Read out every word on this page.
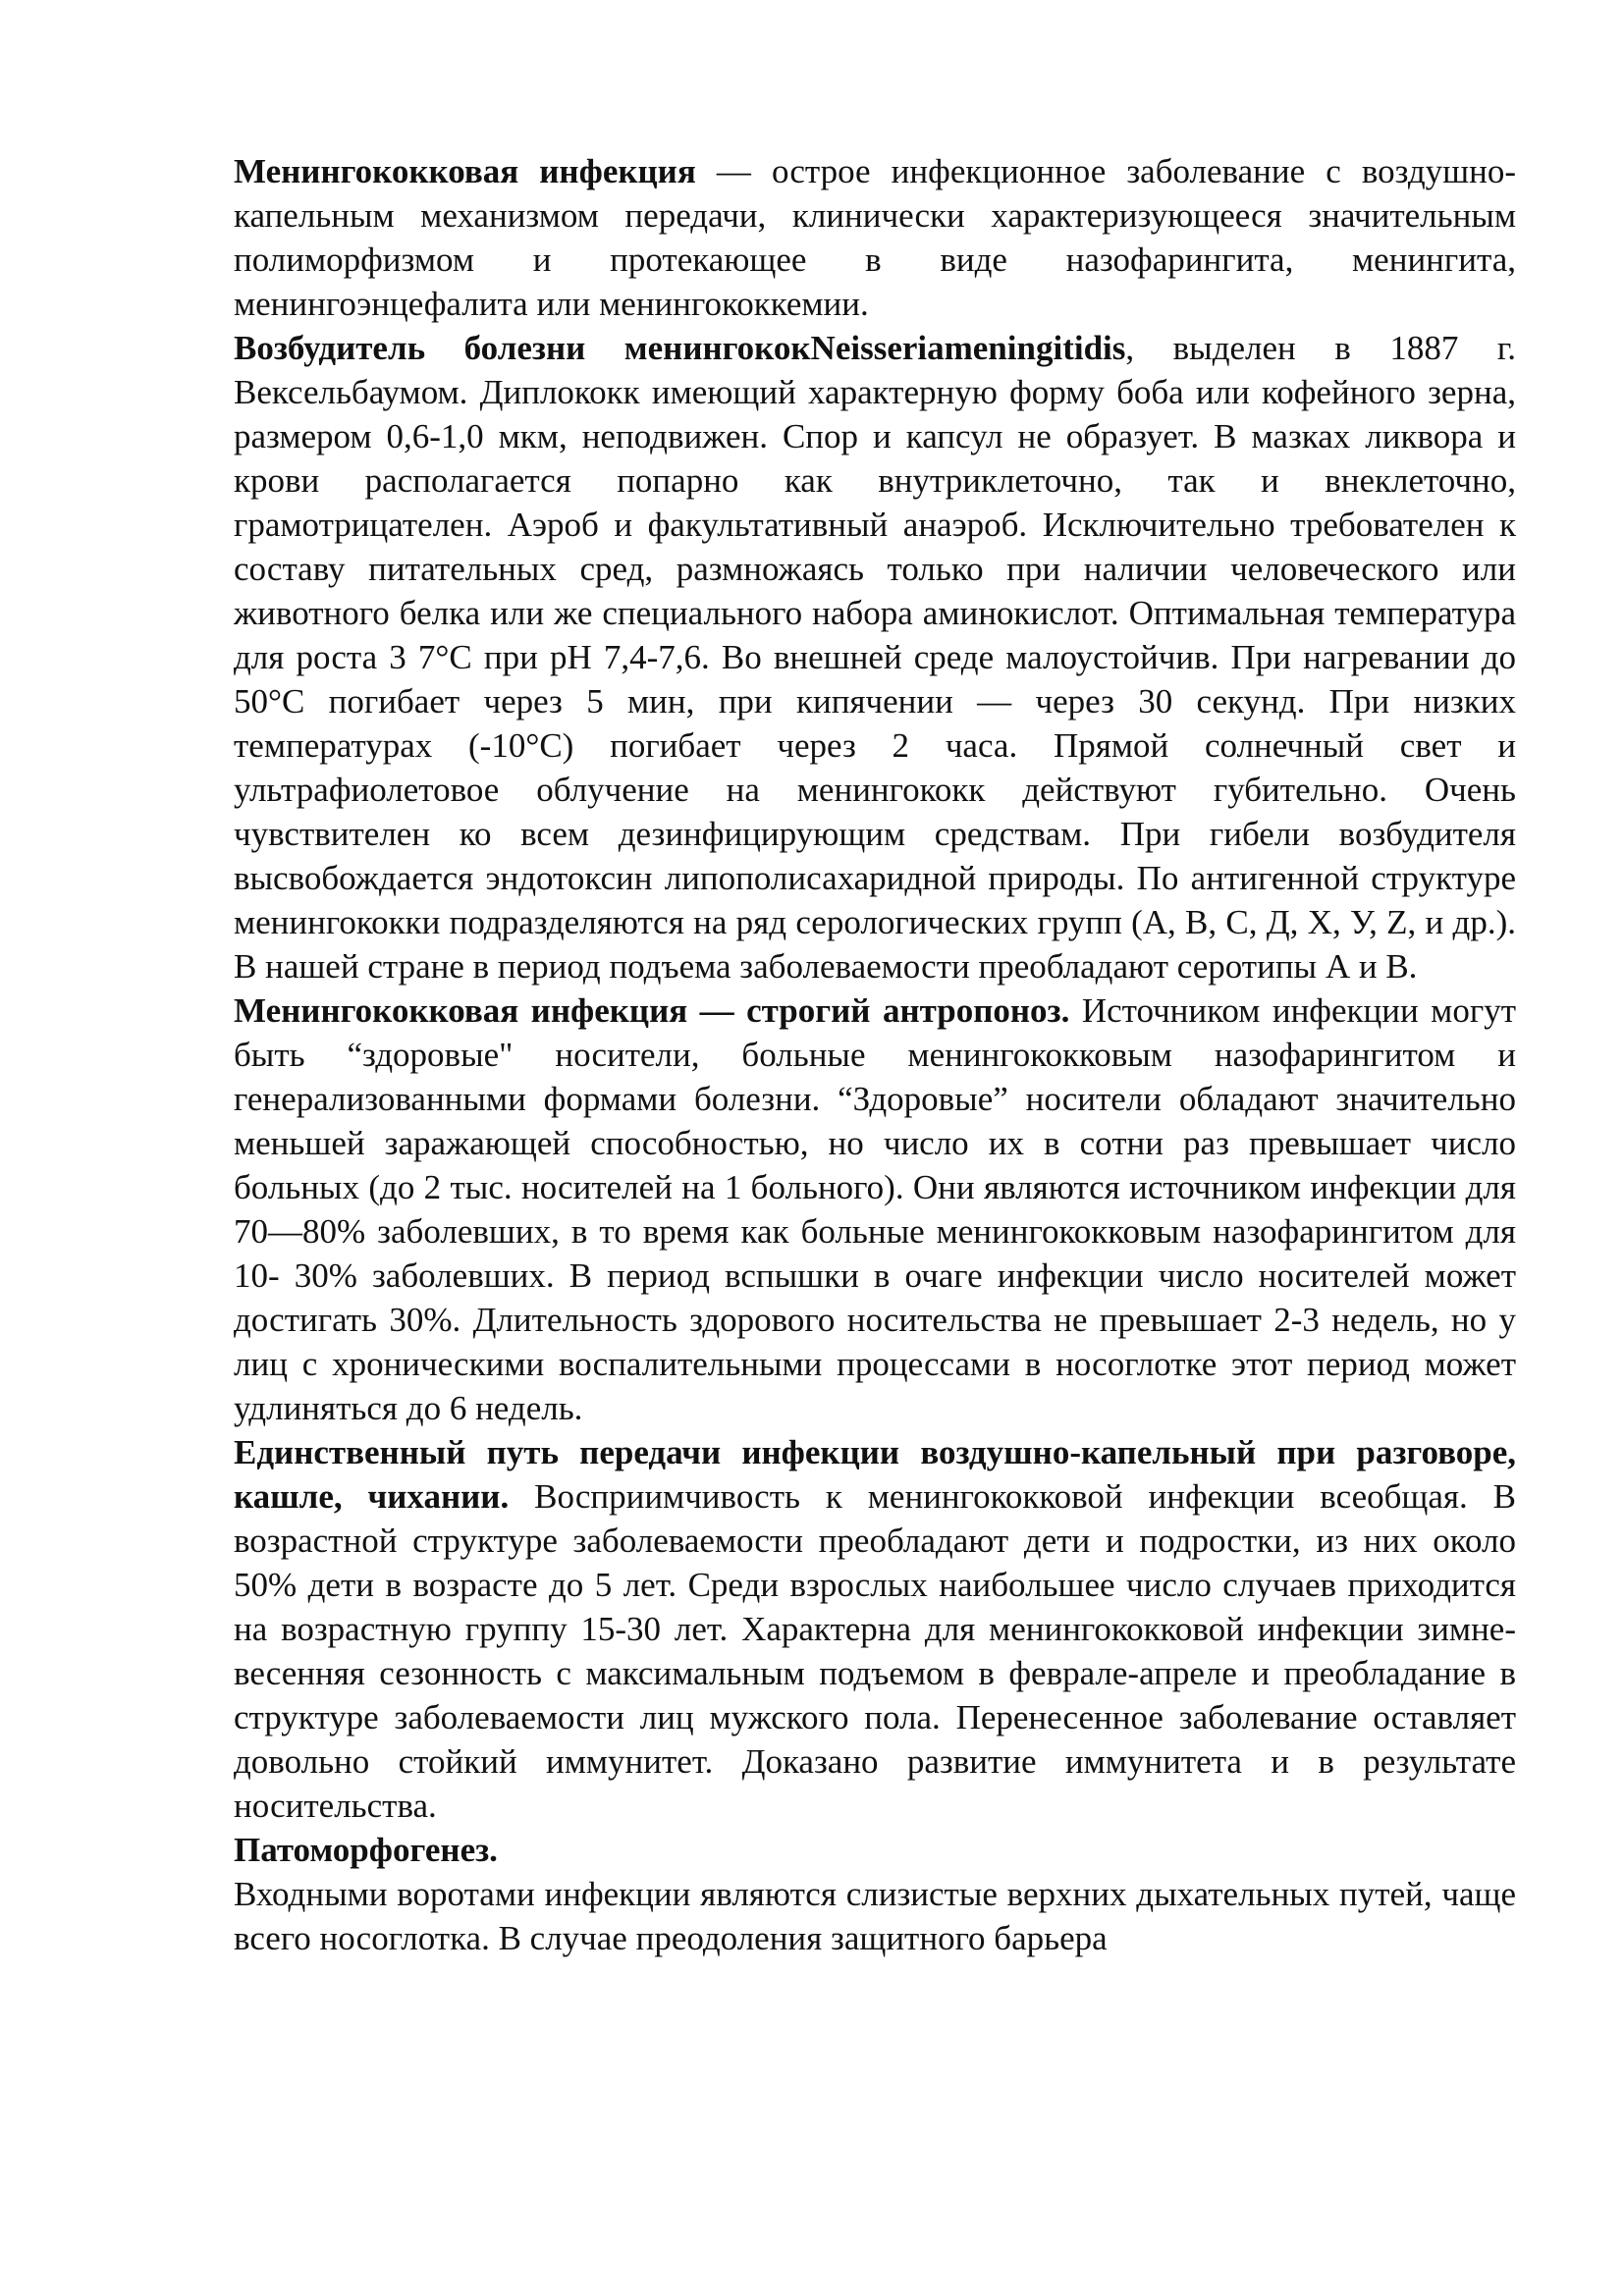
Менингококковая инфекция — острое инфекционное заболевание с воздушно-капельным механизмом передачи, клинически характеризующееся значительным полиморфизмом и протекающее в виде назофарингита, менингита, менингоэнцефалита или менингококкемии.

Возбудитель болезни менингококNeisseriameningitidis, выделен в 1887 г. Вексельбаумом. Диплококк имеющий характерную форму боба или кофейного зерна, размером 0,6-1,0 мкм, неподвижен. Спор и капсул не образует. В мазках ликвора и крови располагается попарно как внутриклеточно, так и внеклеточно, грамотрицателен. Аэроб и факультативный анаэроб. Исключительно требователен к составу питательных сред, размножаясь только при наличии человеческого или животного белка или же специального набора аминокислот. Оптимальная температура для роста 3 7°С при pH 7,4-7,6. Во внешней среде малоустойчив. При нагревании до 50°С погибает через 5 мин, при кипячении — через 30 секунд. При низких температурах (-10°С) погибает через 2 часа. Прямой солнечный свет и ультрафиолетовое облучение на менингококк действуют губительно. Очень чувствителен ко всем дезинфицирующим средствам. При гибели возбудителя высвобождается эндотоксин липополисахаридной природы. По антигенной структуре менингококки подразделяются на ряд серологических групп (А, В, С, Д, X, У, Z, и др.). В нашей стране в период подъема заболеваемости преобладают серотипы А и В.

Менингококковая инфекция — строгий антропоноз. Источником инфекции могут быть “здоровые" носители, больные менингококковым назофарингитом и генерализованными формами болезни. “Здоровые” носители обладают значительно меньшей заражающей способностью, но число их в сотни раз превышает число больных (до 2 тыс. носителей на 1 больного). Они являются источником инфекции для 70—80% заболевших, в то время как больные менингококковым назофарингитом для 10- 30% заболевших. В период вспышки в очаге инфекции число носителей может достигать 30%. Длительность здорового носительства не превышает 2-3 недель, но у лиц с хроническими воспалительными процессами в носоглотке этот период может удлиняться до 6 недель.

Единственный путь передачи инфекции воздушно-капельный при разговоре, кашле, чихании. Восприимчивость к менингококковой инфекции всеобщая. В возрастной структуре заболеваемости преобладают дети и подростки, из них около 50% дети в возрасте до 5 лет. Среди взрослых наибольшее число случаев приходится на возрастную группу 15-30 лет. Характерна для менингококковой инфекции зимне-весенняя сезонность с максимальным подъемом в феврале-апреле и преобладание в структуре заболеваемости лиц мужского пола. Перенесенное заболевание оставляет довольно стойкий иммунитет. Доказано развитие иммунитета и в результате носительства.

Патоморфогенез.

Входными воротами инфекции являются слизистые верхних дыхательных путей, чаще всего носоглотка. В случае преодоления защитного барьера
